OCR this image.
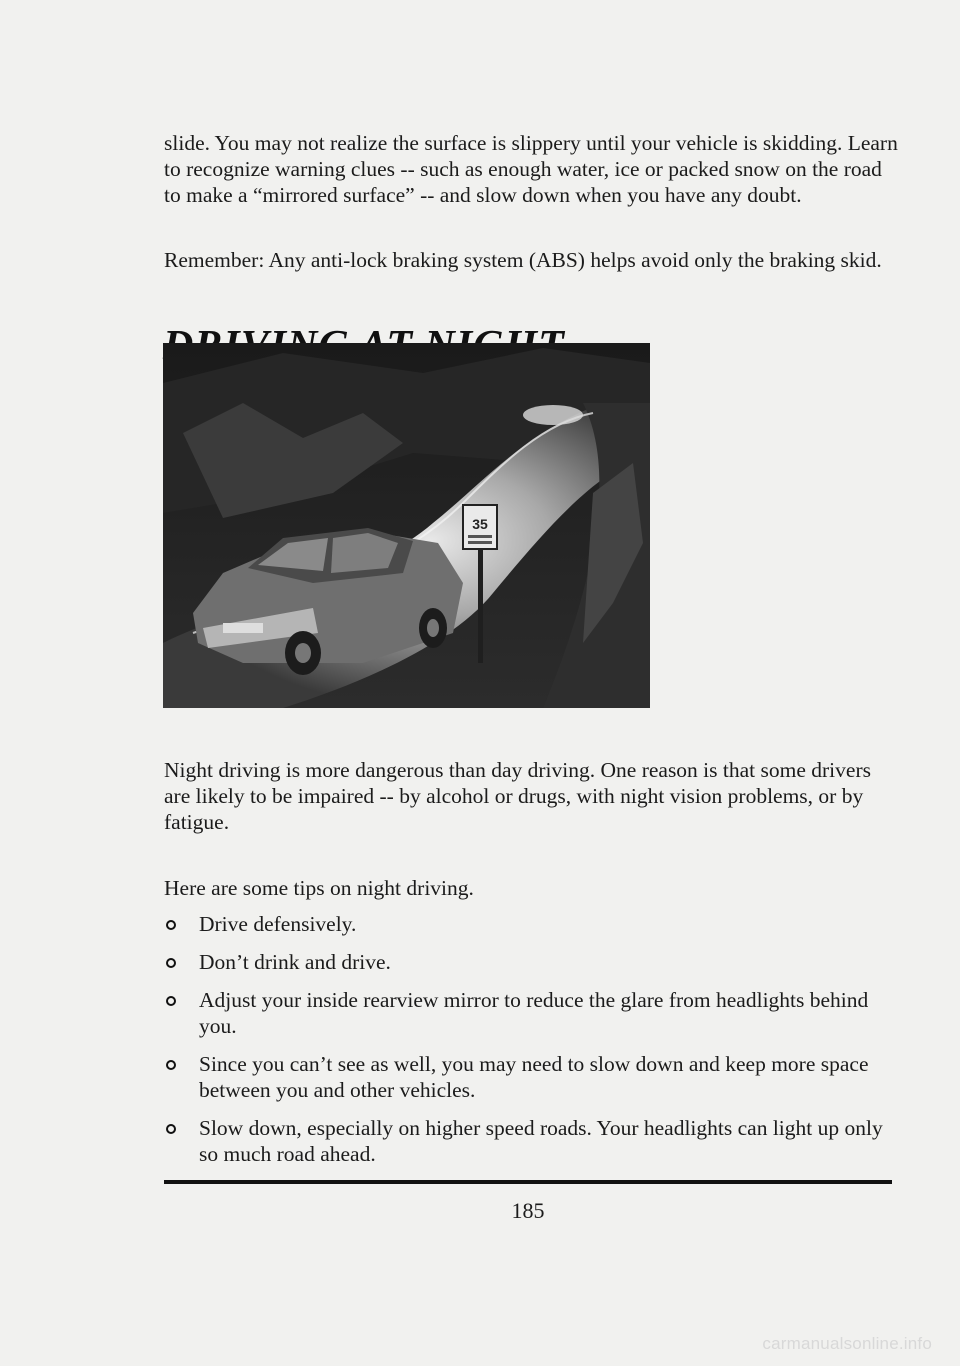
slide. You may not realize the surface is slippery until your vehicle is skidding. Learn to recognize warning clues -- such as enough water, ice or packed snow on the road to make a “mirrored surface” -- and slow down when you have any doubt.

Remember: Any anti-lock braking system (ABS) helps avoid only the braking skid.

35

Night driving is more dangerous than day driving. One reason is that some drivers are likely to be impaired -- by alcohol or drugs, with night vision problems, or by fatigue.

Here are some tips on night driving.

Drive defensively.
Don’t drink and drive.
Adjust your inside rearview mirror to reduce the glare from headlights behind you.
Since you can’t see as well, you may need to slow down and keep more space between you and other vehicles.
Slow down, especially on higher speed roads. Your headlights can light up only so much road ahead.

185

carmanualsonline.info
